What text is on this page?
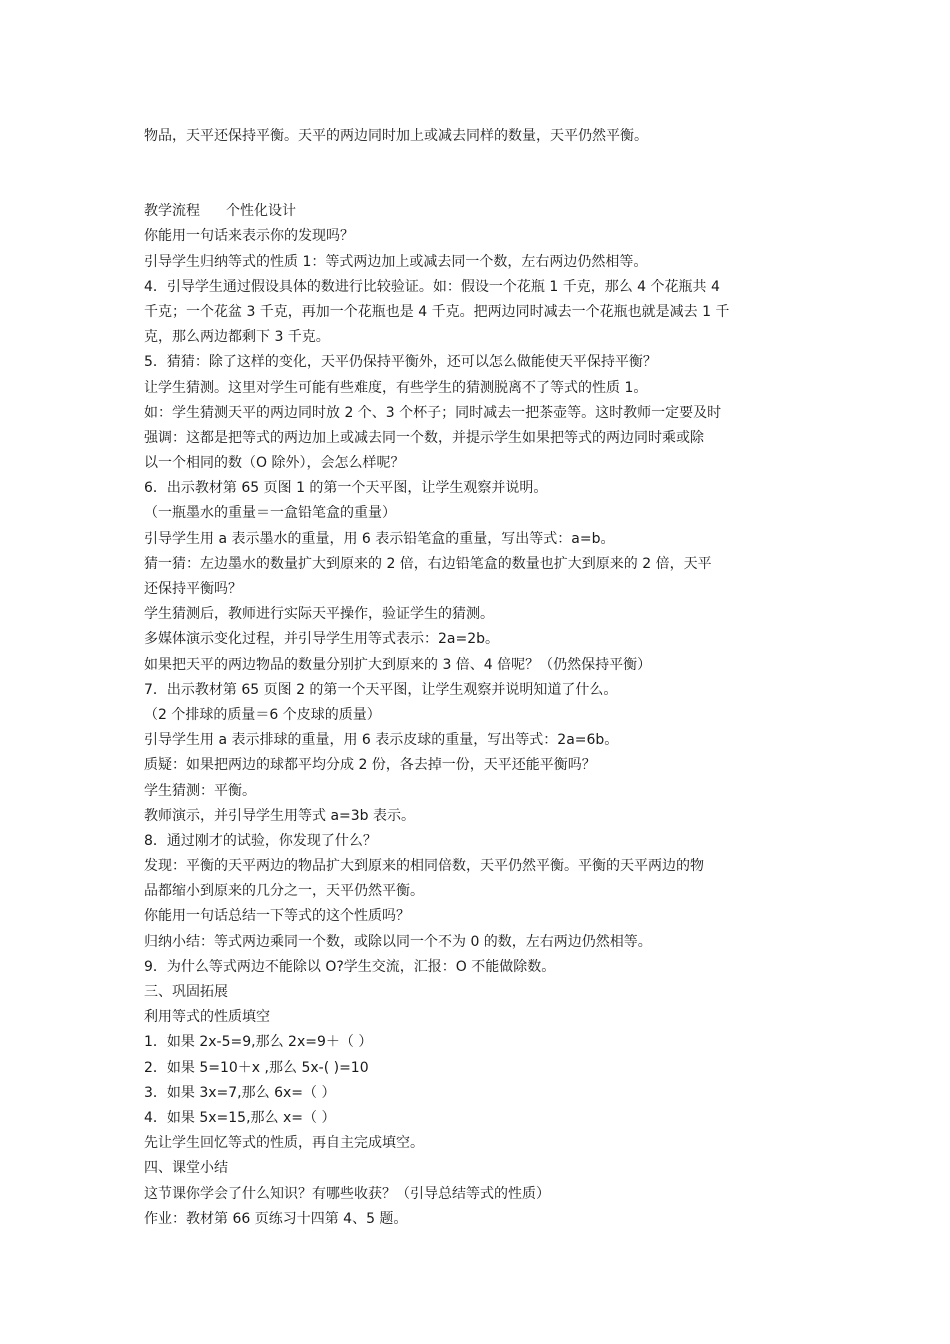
物品，天平还保持平衡。天平的两边同时加上或减去同样的数量，天平仍然平衡。

教学流程 个性化设计

你能用一句话来表示你的发现吗？

引导学生归纳等式的性质 1：等式两边加上或减去同一个数，左右两边仍然相等。

4．引导学生通过假设具体的数进行比较验证。如：假设一个花瓶 1 千克，那么 4 个花瓶共 4

千克；一个花盆 3 千克，再加一个花瓶也是 4 千克。把两边同时减去一个花瓶也就是减去 1 千

克，那么两边都剩下 3 千克。

5．猜猜：除了这样的变化，天平仍保持平衡外，还可以怎么做能使天平保持平衡？

让学生猜测。这里对学生可能有些难度，有些学生的猜测脱离不了等式的性质 1。

如：学生猜测天平的两边同时放 2 个、3 个杯子；同时减去一把茶壶等。这时教师一定要及时

强调：这都是把等式的两边加上或减去同一个数，并提示学生如果把等式的两边同时乘或除

以一个相同的数（O 除外），会怎么样呢？

6．出示教材第 65 页图 1 的第一个天平图，让学生观察并说明。

（一瓶墨水的重量＝一盒铅笔盒的重量）

引导学生用 a 表示墨水的重量，用 6 表示铅笔盒的重量，写出等式：a=b。

猜一猜：左边墨水的数量扩大到原来的 2 倍，右边铅笔盒的数量也扩大到原来的 2 倍，天平

还保持平衡吗？

学生猜测后，教师进行实际天平操作，验证学生的猜测。

多媒体演示变化过程，并引导学生用等式表示：2a=2b。

如果把天平的两边物品的数量分别扩大到原来的 3 倍、4 倍呢？（仍然保持平衡）

7．出示教材第 65 页图 2 的第一个天平图，让学生观察并说明知道了什么。

（2 个排球的质量＝6 个皮球的质量）

引导学生用 a 表示排球的重量，用 6 表示皮球的重量，写出等式：2a=6b。

质疑：如果把两边的球都平均分成 2 份，各去掉一份，天平还能平衡吗？

学生猜测：平衡。

教师演示，并引导学生用等式 a=3b 表示。

8．通过刚才的试验，你发现了什么？

发现：平衡的天平两边的物品扩大到原来的相同倍数，天平仍然平衡。平衡的天平两边的物

品都缩小到原来的几分之一，天平仍然平衡。

你能用一句话总结一下等式的这个性质吗？

归纳小结：等式两边乘同一个数，或除以同一个不为 0 的数，左右两边仍然相等。

9．为什么等式两边不能除以 O?学生交流，汇报：O 不能做除数。

三、巩固拓展

利用等式的性质填空

1．如果 2x-5=9,那么 2x=9＋（ ）

2．如果 5=10＋x ,那么 5x-( )=10

3．如果 3x=7,那么 6x=（ ）

4．如果 5x=15,那么 x=（ ）

先让学生回忆等式的性质，再自主完成填空。

四、课堂小结

这节课你学会了什么知识？有哪些收获？（引导总结等式的性质）

作业：教材第 66 页练习十四第 4、5 题。
